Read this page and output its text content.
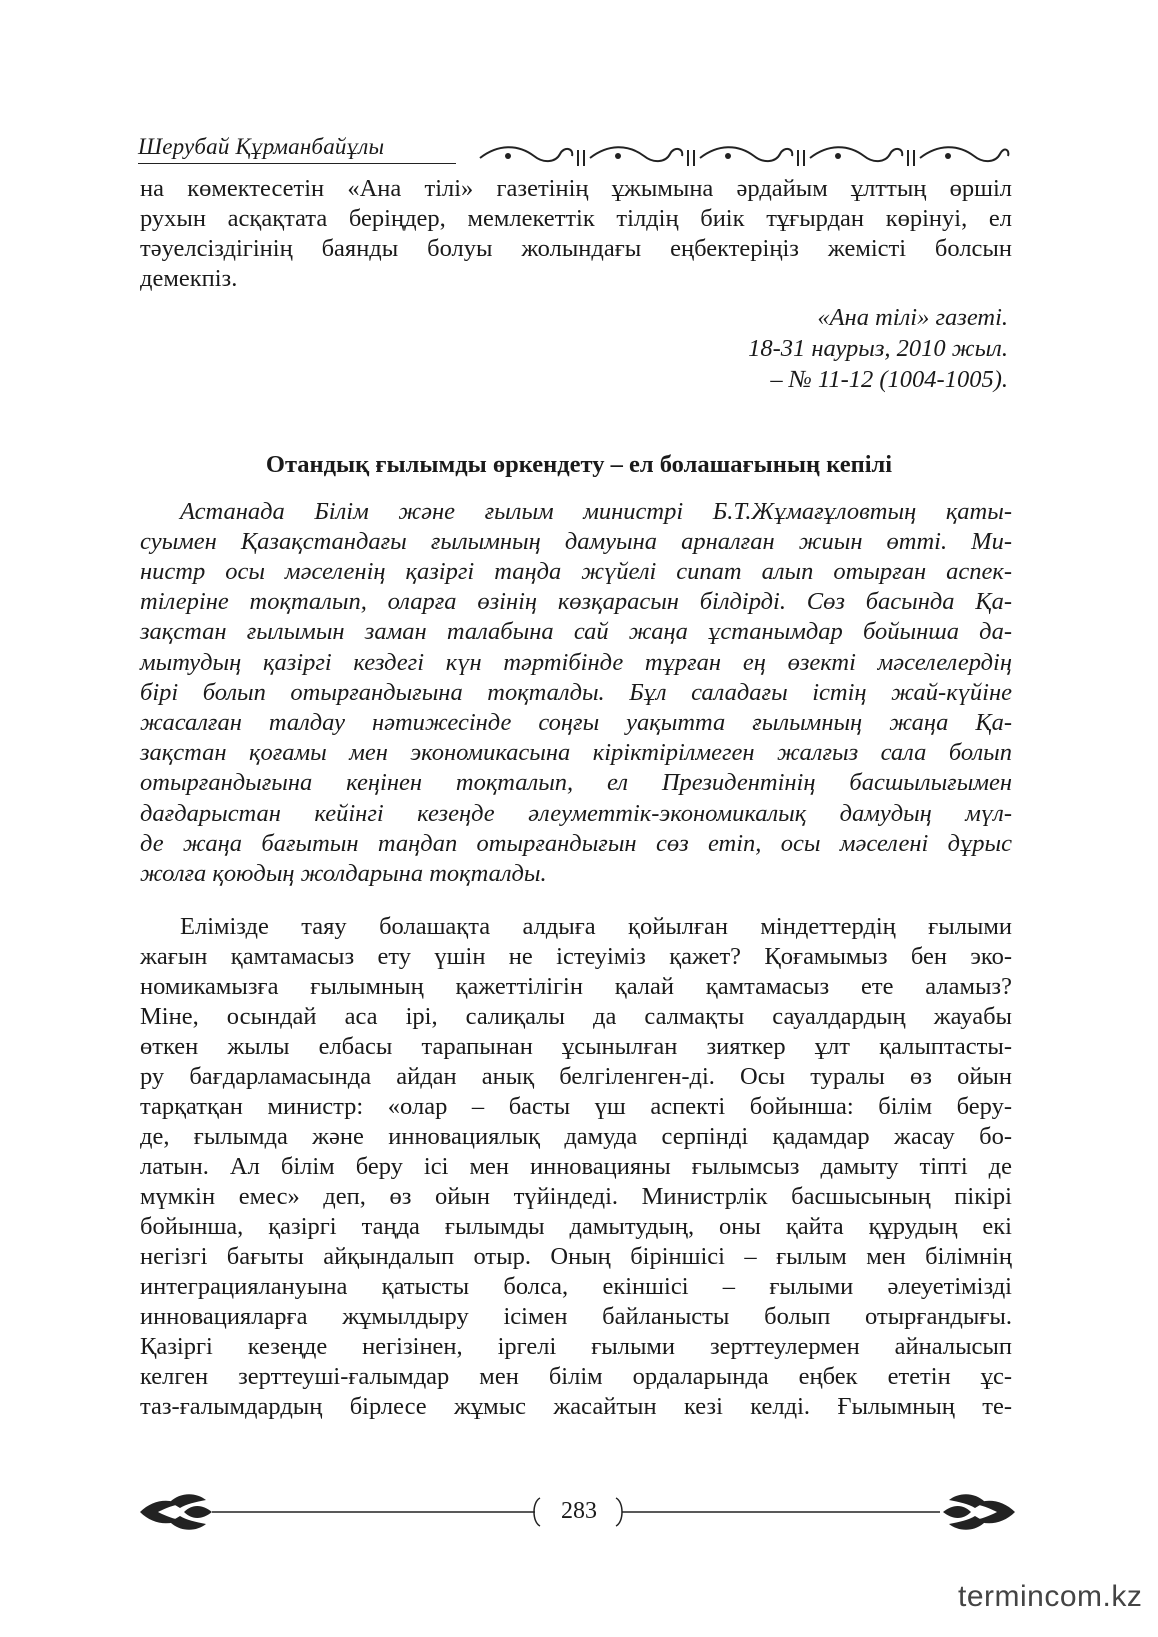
Шерубай Құрманбайұлы
на көмектесетін «Ана тілі» газетінің ұжымына әрдайым ұлттың өршіл
рухын асқақтата беріңдер, мемлекеттік тілдің биік тұғырдан көрінуі, ел
тәуелсіздігінің баянды болуы жолындағы еңбектеріңіз жемісті болсын
демекпіз.
«Ана тілі» газеті.
18-31 наурыз, 2010 жыл.
– № 11-12 (1004-1005).
Отандық ғылымды өркендету – ел болашағының кепілі
Астанада Білім және ғылым министрі Б.Т.Жұмағұловтың қаты-
суымен Қазақстандағы ғылымның дамуына арналған жиын өтті. Ми-
нистр осы мәселенің қазіргі таңда жүйелі сипат алып отырған аспек-
тілеріне тоқталып, оларға өзінің көзқарасын білдірді. Сөз басында Қа-
зақстан ғылымын заман талабына сай жаңа ұстанымдар бойынша да-
мытудың қазіргі кездегі күн тәртібінде тұрған ең өзекті мәселелердің
бірі болып отырғандығына тоқталды. Бұл саладағы істің жай-күйіне
жасалған талдау нәтижесінде соңғы уақытта ғылымның жаңа Қа-
зақстан қоғамы мен экономикасына кіріктірілмеген жалғыз сала болып
отырғандығына кеңінен тоқталып, ел Президентінің басшылығымен
дағдарыстан кейінгі кезеңде әлеуметтік-экономикалық дамудың мүл-
де жаңа бағытын таңдап отырғандығын сөз етіп, осы мәселені дұрыс
жолға қоюдың жолдарына тоқталды.
Елімізде таяу болашақта алдыға қойылған міндеттердің ғылыми
жағын қамтамасыз ету үшін не істеуіміз қажет? Қоғамымыз бен эко-
номикамызға ғылымның қажеттілігін қалай қамтамасыз ете аламыз?
Міне, осындай аса ірі, салиқалы да салмақты сауалдардың жауабы
өткен жылы елбасы тарапынан ұсынылған зияткер ұлт қалыптасты-
ру бағдарламасында айдан анық белгіленген-ді. Осы туралы өз ойын
тарқатқан министр: «олар – басты үш аспекті бойынша: білім беру-
де, ғылымда және инновациялық дамуда серпінді қадамдар жасау бо-
латын. Ал білім беру ісі мен инновацияны ғылымсыз дамыту тіпті де
мүмкін емес» деп, өз ойын түйіндеді. Министрлік басшысының пікірі
бойынша, қазіргі таңда ғылымды дамытудың, оны қайта құрудың екі
негізгі бағыты айқындалып отыр. Оның біріншісі – ғылым мен білімнің
интеграциялануына қатысты болса, екіншісі – ғылыми әлеуетімізді
инновацияларға жұмылдыру ісімен байланысты болып отырғандығы.
Қазіргі кезеңде негізінен, іргелі ғылыми зерттеулермен айналысып
келген зерттеуші-ғалымдар мен білім ордаларында еңбек ететін ұс-
таз-ғалымдардың бірлесе жұмыс жасайтын кезі келді. Ғылымның те-
283
termincom.kz
